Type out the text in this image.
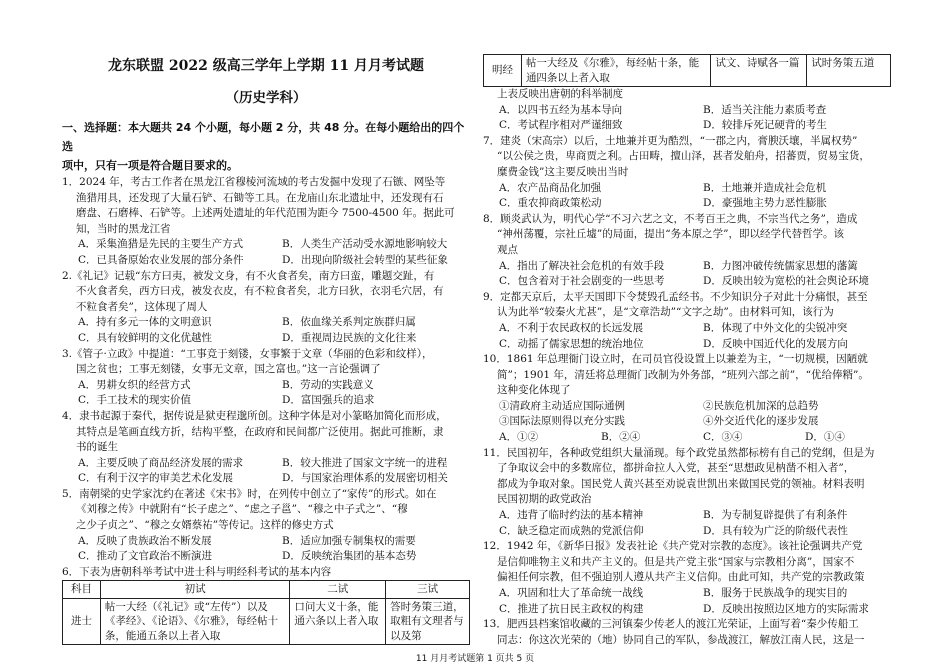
龙东联盟 2022 级高三学年上学期 11 月月考试题
（历史学科）
一、选择题：本大题共 24 个小题，每小题 2 分，共 48 分。在每小题给出的四个选
项中，只有一项是符合题目要求的。
1．2024 年，考古工作者在黑龙江省穆棱河流域的考古发掘中发现了石镞、网坠等
渔猎用具，还发现了大量石铲、石锄等工具。在龙庙山东北遗址中，还发现有石
磨盘、石磨棒、石铲等。上述两处遗址的年代范围为距今 7500-4500 年。据此可
知，当时的黑龙江省
A．采集渔猎是先民的主要生产方式	B．人类生产活动受水源地影响较大
C．已具备原始农业发展的部分条件	D．出现向阶级社会转型的某些征象
2.《礼记》记载“东方曰夷，被发文身，有不火食者矣，南方曰蛮，雕题交趾，有
不火食者矣，西方曰戎，被发衣皮，有不粒食者矣，北方曰狄，衣羽毛穴居，有
不粒食者矣”，这体现了周人
A．持有多元一体的文明意识	B．依血缘关系判定族群归属
C．具有较鲜明的文化优越性	D．重视周边民族的文化往来
3.《管子·立政》中提道：“工事竞于刻镂，女事繁于文章（华丽的色彩和纹样），
国之贫也；工事无刻镂，女事无文章，国之富也。”这一言论强调了
A．男耕女织的经营方式	B．劳动的实践意义
C．手工技术的现实价值	D．富国强兵的追求
4．隶书起源于秦代，据传说是狱吏程邈所创。这种字体是对小篆略加简化而形成，
其特点是笔画直线方折，结构平整，在政府和民间都广泛使用。据此可推断，隶
书的诞生
A．主要反映了商品经济发展的需求	B．较大推进了国家文字统一的进程
C．有利于汉字的审美艺术化发展	D．与国家治理体系的发展密切相关
5．南朝梁的史学家沈约在著述《宋书》时，在列传中创立了“家传”的形式。如在
《刘穆之传》中就附有“长子虑之”、“虑之子邕”、“穆之中子式之”、“穆
之少子贞之”、“穆之女婿蔡祐”等传记。这样的修史方式
A．反映了贵族政治不断发展	B．适应加强专制集权的需要
C．推动了文官政治不断演进	D．反映统治集团的基本态势
6．下表为唐朝科举考试中进士科与明经科考试的基本内容
科目	初试	二试	三试
进士	帖一大经（《礼记》或“左传”）以及《孝经》、《论语》、《尔雅》，每经帖十条，能通五条以上者入取	口问大义十条，能通六条以上者入取	答时务策三道，取粗有文理者与以及第
明经	帖一大经及《尔雅》，每经帖十条，能通四条以上者入取	试文、诗赋各一篇	试时务策五道
上表反映出唐朝的科举制度
A．以四书五经为基本导向	B．适当关注能力素质考查
C．考试程序相对严谨细致	D．较排斥死记硬背的考生
7．建炎（宋高宗）以后，土地兼并更为酷烈，“一郡之内，膏腴沃壤，半属权势”
“以公侯之贵，卑商贾之利。占田畴，擅山泽，甚者发舶舟，招蕃贾，贸易宝货，
糜费金钱”这主要反映出当时
A．农产品商品化加强	B．土地兼并造成社会危机
C．重农抑商政策松动	D．豪强地主势力恶性膨胀
8．顾炎武认为，明代心学“不习六艺之文，不考百王之典，不宗当代之务”，造成
“神州荡覆，宗社丘墟”的局面，提出“务本原之学”，即以经学代替哲学。该
观点
A．指出了解决社会危机的有效手段	B．力图冲破传统儒家思想的藩篱
C．包含着对于社会剧变的一些思考	D．反映出较为宽松的社会舆论环境
9．定都天京后，太平天国即下令焚毁孔孟经书。不少知识分子对此十分痛恨，甚至
认为此举“较秦火尤甚”，是“文章浩劫”“文字之劫”。由材料可知，该行为
A．不利于农民政权的长远发展	B．体现了中外文化的尖锐冲突
C．动摇了儒家思想的统治地位	D．反映中国近代化的发展方向
10．1861 年总理衙门设立时，在司员官役设置上以兼差为主，“一切规模，因陋就
简”；1901 年，清廷将总理衙门改制为外务部，“班列六部之前”，“优给俸糈”。
这种变化体现了
①清政府主动适应国际通例	②民族危机加深的总趋势
③国际法原则得以充分实践	④外交近代化的逐步发展
A．①②	B．②④	C．③④	D．①④
11．民国初年，各种政党组织大量涌现。每个政党虽然都标榜有自己的党纲，但是为
了争取议会中的多数席位，都拼命拉人入党，甚至“思想政见枘凿不相入者”，
都成为争取对象。国民党人黄兴甚至劝说袁世凯出来做国民党的领袖。材料表明
民国初期的政党政治
A．违背了临时约法的基本精神	B．为专制复辟提供了有利条件
C．缺乏稳定而成熟的党派信仰	D．具有较为广泛的阶级代表性
12．1942 年，《新华日报》发表社论《共产党对宗教的态度》。该社论强调共产党
是信仰唯物主义和共产主义的。但是共产党主张“国家与宗教相分离”，国家不
偏袒任何宗教，但不强迫别人遵从共产主义信仰。由此可知，共产党的宗教政策
A．巩固和壮大了革命统一战线	B．服务于民族战争的现实目的
C．推进了抗日民主政权的构建	D．反映出按照边区地方的实际需求
13．肥西县档案馆收藏的三河镇秦少传老人的渡江光荣证，上面写着“秦少传船工
同志：你这次光荣的（地）协同自己的军队，参战渡江，解放江南人民，这是一
11 月月考试题第 1 页共 5 页
